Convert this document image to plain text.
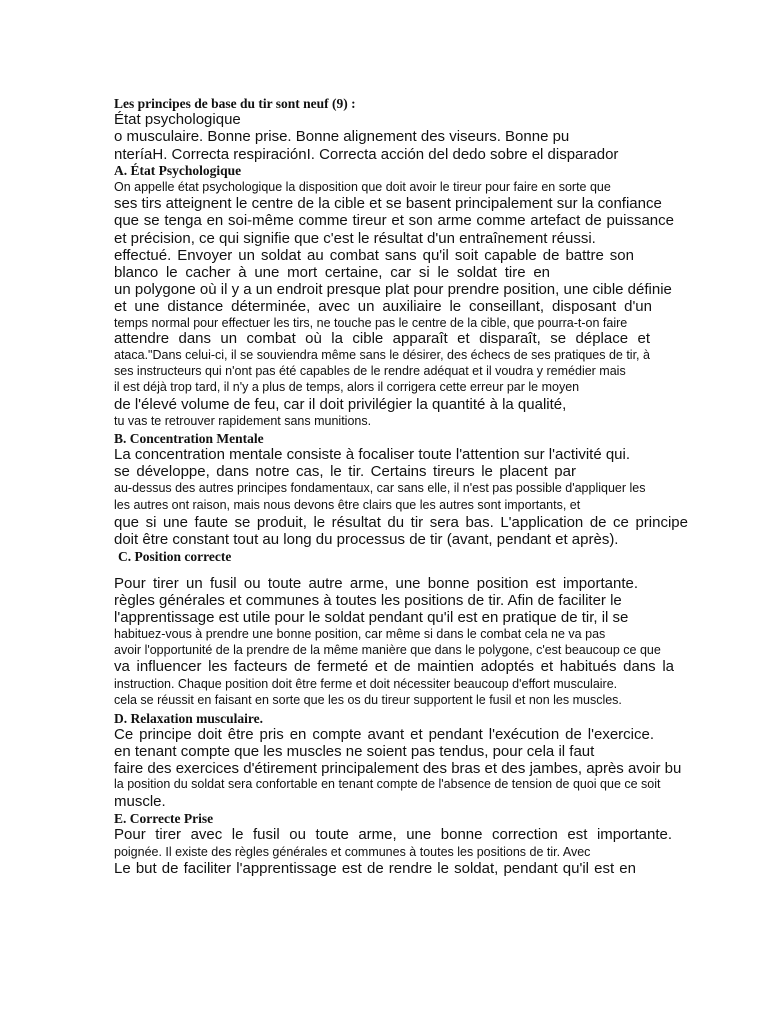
Les principes de base du tir sont neuf (9) :
État psychologique
o musculaire. Bonne prise. Bonne alignement des viseurs. Bonne pu
nteríaH. Correcta respiraciónI. Correcta acción del dedo sobre el disparador
A. État Psychologique
On appelle état psychologique la disposition que doit avoir le tireur pour faire en sorte que
ses tirs atteignent le centre de la cible et se basent principalement sur la confiance
que se tenga en soi-même comme tireur et son arme comme artefact de puissance
et précision, ce qui signifie que c'est le résultat d'un entraînement réussi.
effectué. Envoyer un soldat au combat sans qu'il soit capable de battre son
blanco le cacher à une mort certaine, car si le soldat tire en
un polygone où il y a un endroit presque plat pour prendre position, une cible définie
et une distance déterminée, avec un auxiliaire le conseillant, disposant d'un
temps normal pour effectuer les tirs, ne touche pas le centre de la cible, que pourra-t-on faire
attendre dans un combat où la cible apparaît et disparaît, se déplace et
ataca."Dans celui-ci, il se souviendra même sans le désirer, des échecs de ses pratiques de tir, à
ses instructeurs qui n'ont pas été capables de le rendre adéquat et il voudra y remédier mais
il est déjà trop tard, il n'y a plus de temps, alors il corrigera cette erreur par le moyen
de l'élevé volume de feu, car il doit privilégier la quantité à la qualité,
tu vas te retrouver rapidement sans munitions.
B. Concentration Mentale
La concentration mentale consiste à focaliser toute l'attention sur l'activité qui.
se développe, dans notre cas, le tir. Certains tireurs le placent par
au-dessus des autres principes fondamentaux, car sans elle, il n'est pas possible d'appliquer les
les autres ont raison, mais nous devons être clairs que les autres sont importants, et
que si une faute se produit, le résultat du tir sera bas. L'application de ce principe
doit être constant tout au long du processus de tir (avant, pendant et après).
C. Position correcte
Pour tirer un fusil ou toute autre arme, une bonne position est importante.
règles générales et communes à toutes les positions de tir. Afin de faciliter le
l'apprentissage est utile pour le soldat pendant qu'il est en pratique de tir, il se
habituez-vous à prendre une bonne position, car même si dans le combat cela ne va pas
avoir l'opportunité de la prendre de la même manière que dans le polygone, c'est beaucoup ce que
va influencer les facteurs de fermeté et de maintien adoptés et habitués dans la
instruction. Chaque position doit être ferme et doit nécessiter beaucoup d'effort musculaire.
cela se réussit en faisant en sorte que les os du tireur supportent le fusil et non les muscles.
D. Relaxation musculaire.
Ce principe doit être pris en compte avant et pendant l'exécution de l'exercice.
en tenant compte que les muscles ne soient pas tendus, pour cela il faut
faire des exercices d'étirement principalement des bras et des jambes, après avoir bu
la position du soldat sera confortable en tenant compte de l'absence de tension de quoi que ce soit
muscle.
E. Correcte Prise
Pour tirer avec le fusil ou toute arme, une bonne correction est importante.
poignée. Il existe des règles générales et communes à toutes les positions de tir. Avec
Le but de faciliter l'apprentissage est de rendre le soldat, pendant qu'il est en
